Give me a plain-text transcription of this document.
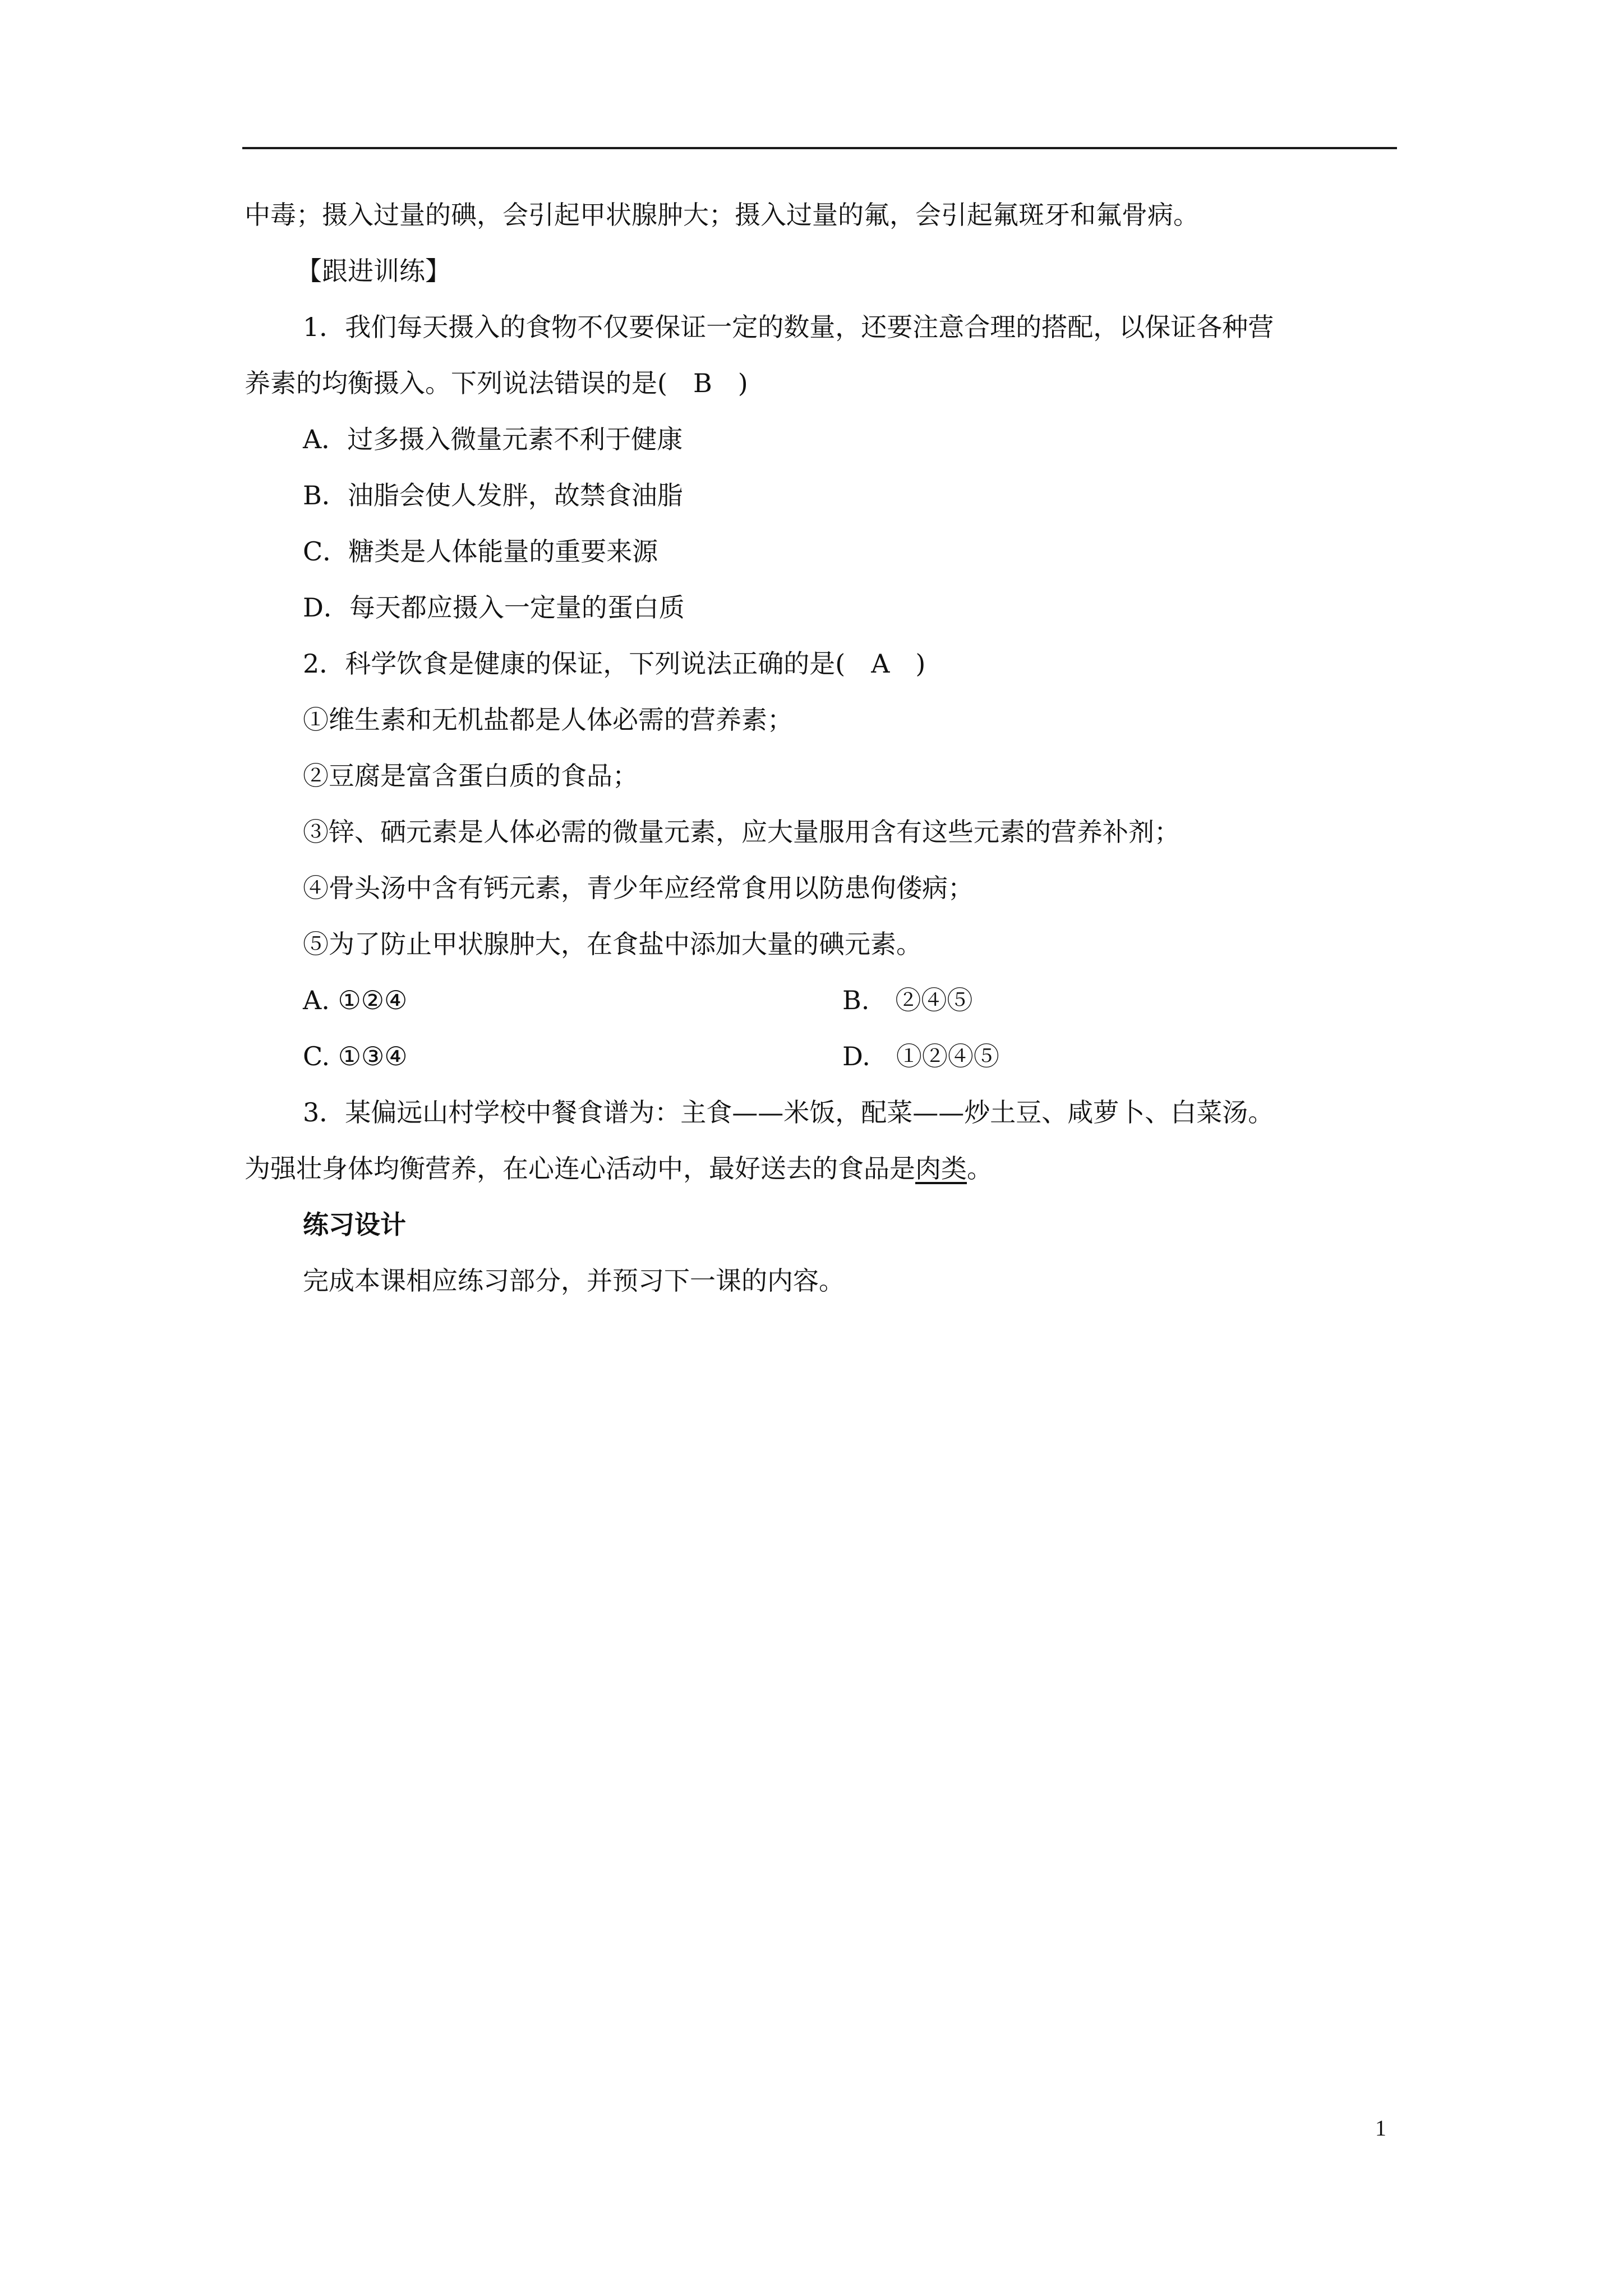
中毒；摄入过量的碘，会引起甲状腺肿大；摄入过量的氟，会引起氟斑牙和氟骨病。
【跟进训练】
1．我们每天摄入的食物不仅要保证一定的数量，还要注意合理的搭配，以保证各种营
养素的均衡摄入。下列说法错误的是(　B　)
A．过多摄入微量元素不利于健康
B．油脂会使人发胖，故禁食油脂
C．糖类是人体能量的重要来源
D．每天都应摄入一定量的蛋白质
2．科学饮食是健康的保证，下列说法正确的是(　A　)
①维生素和无机盐都是人体必需的营养素；
②豆腐是富含蛋白质的食品；
③锌、硒元素是人体必需的微量元素，应大量服用含有这些元素的营养补剂；
④骨头汤中含有钙元素，青少年应经常食用以防患佝偻病；
⑤为了防止甲状腺肿大，在食盐中添加大量的碘元素。
A. ①②④	B.　②④⑤
C. ①③④	D.　①②④⑤
3．某偏远山村学校中餐食谱为：主食——米饭，配菜——炒土豆、咸萝卜、白菜汤。
为强壮身体均衡营养，在心连心活动中，最好送去的食品是肉类。
练习设计
完成本课相应练习部分，并预习下一课的内容。
1
